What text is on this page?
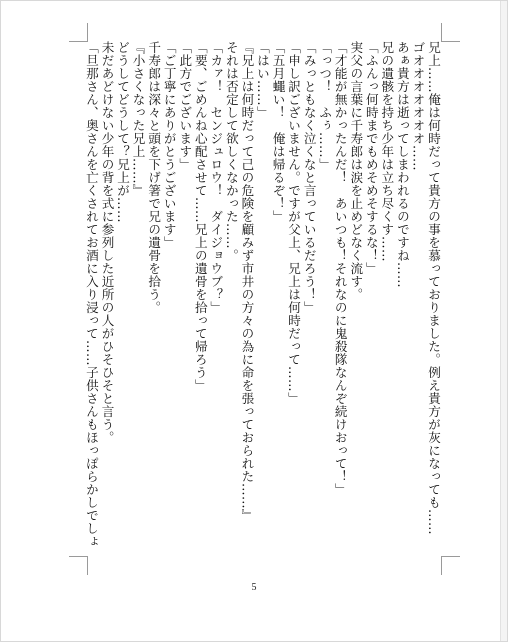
兄上……俺は何時だって貴方の事を慕っておりました。例え貴方が灰になっても……
ゴオオオオオオオ……
あぁ貴方は逝ってしまわれるのですね……
兄の遺骸を持ち少年は立ち尽くす……
「ふんっ何時までもめそめそするな！」
実父の言葉に千寿郎は涙を止めどなく流す。
「才能が無かったんだ！　あいつも！それなのに鬼殺隊なんぞ続けおって！」
「っつ！　ふぅ……」
「みっともなく泣くなと言っているだろう！」
「申し訳ございません。ですが父上、兄上は何時だって……」
「五月蠅い！　俺は帰るぞ！」
「はい……」
『兄上は何時だって己の危険を顧みず市井の方々の為に命を張っておられた……』
それは否定して欲しくなかった……。
「カァ！　センジュロウ！　ダイジョウブ？」
「要、ごめんね心配させて……兄上の遺骨を拾って帰ろう」
「此方でございます」
「ご丁寧にありがとうございます」
千寿郎は深々と頭を下げ箸で兄の遺骨を拾う。
『小さくなった兄上……』
どうしてどうして？兄上が……
未だあどけない少年の背を式に参列した近所の人がひそひそと言う。
「旦那さん、奥さんを亡くされてお酒に入り浸って……子供さんもほっぽらかしでしょ
5
